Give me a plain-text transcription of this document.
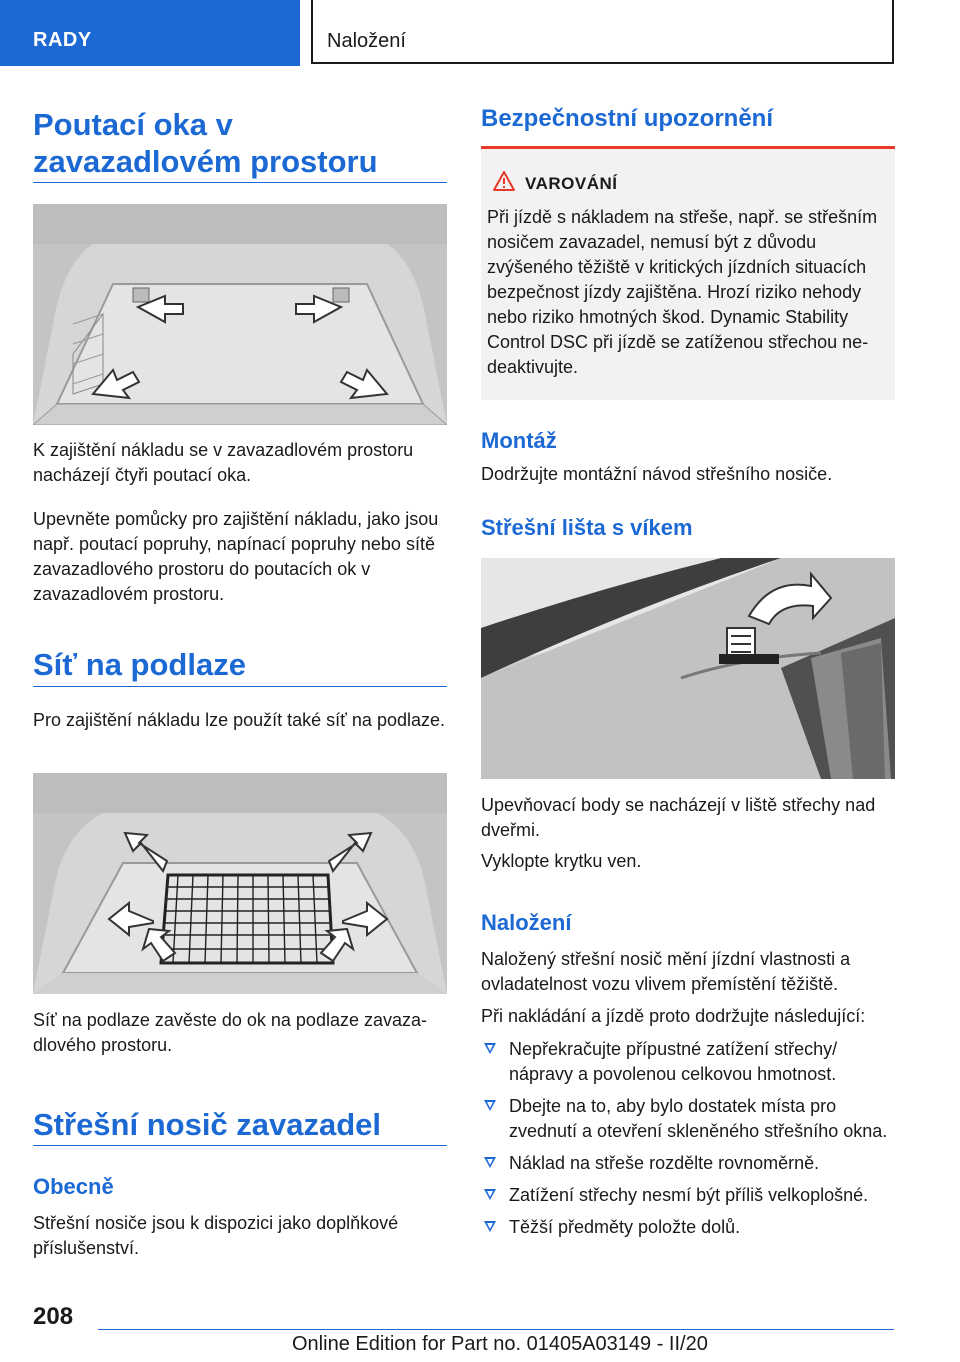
RADY	Naložení
Poutací oka v zavazadlovém prostoru

K zajištění nákladu se v zavazadlovém prostoru nacházejí čtyři poutací oka.

Upevněte pomůcky pro zajištění nákladu, jako jsou např. poutací popruhy, napínací popruhy nebo sítě zavazadlového prostoru do poutacích ok v zavazadlovém prostoru.

Síť na podlaze

Pro zajištění nákladu lze použít také síť na podlaze.

Síť na podlaze zavěste do ok na podlaze zavazadlového prostoru.

Střešní nosič zavazadel
Obecně

Střešní nosiče jsou k dispozici jako doplňkové příslušenství.

Bezpečnostní upozornění
VAROVÁNÍ

Při jízdě s nákladem na střeše, např. se střešním nosičem zavazadel, nemusí být z důvodu zvýšeného těžiště v kritických jízdních situacích bezpečnost jízdy zajištěna. Hrozí riziko nehody nebo riziko hmotných škod. Dynamic Stability Control DSC při jízdě se zatíženou střechou nedeaktivujte.

Montáž

Dodržujte montážní návod střešního nosiče.

Střešní lišta s víkem

Upevňovací body se nacházejí v liště střechy nad dveřmi.

Vyklopte krytku ven.

Naložení

Naložený střešní nosič mění jízdní vlastnosti a ovladatelnost vozu vlivem přemístění těžiště.

Při nakládání a jízdě proto dodržujte následující:

Nepřekračujte přípustné zatížení střechy/ nápravy a povolenou celkovou hmotnost.
Dbejte na to, aby bylo dostatek místa pro zvednutí a otevření skleněného střešního okna.
Náklad na střeše rozdělte rovnoměrně.
Zatížení střechy nesmí být příliš velkoplošné.
Těžší předměty položte dolů.
208
Online Edition for Part no. 01405A03149 - II/20
